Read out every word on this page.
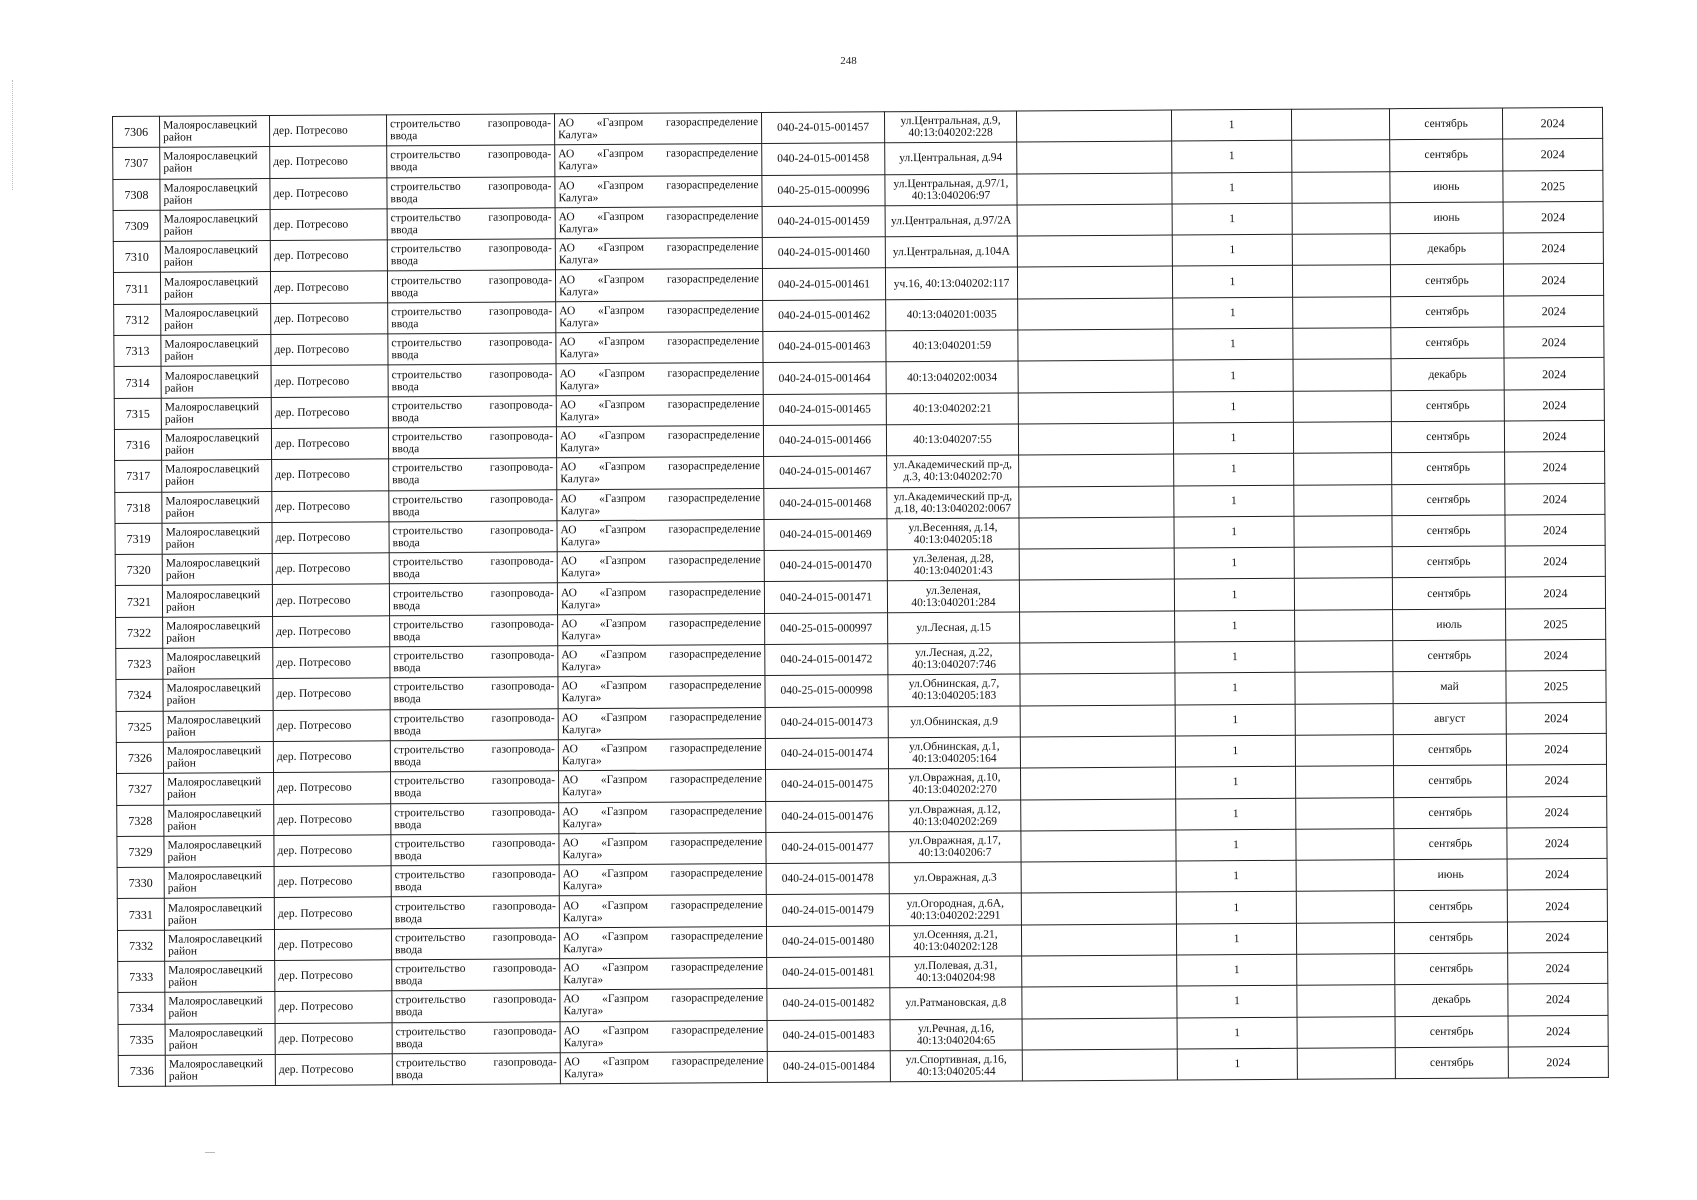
248
7306	Малоярославецкий район	дер. Потресово	строительство газопровода-ввода	АО «Газпром газораспределение Калуга»	040-24-015-001457	ул.Центральная, д.9, 40:13:040202:228		1		сентябрь	2024
7307	Малоярославецкий район	дер. Потресово	строительство газопровода-ввода	АО «Газпром газораспределение Калуга»	040-24-015-001458	ул.Центральная, д.94		1		сентябрь	2024
7308	Малоярославецкий район	дер. Потресово	строительство газопровода-ввода	АО «Газпром газораспределение Калуга»	040-25-015-000996	ул.Центральная, д.97/1, 40:13:040206:97		1		июнь	2025
7309	Малоярославецкий район	дер. Потресово	строительство газопровода-ввода	АО «Газпром газораспределение Калуга»	040-24-015-001459	ул.Центральная, д.97/2А		1		июнь	2024
7310	Малоярославецкий район	дер. Потресово	строительство газопровода-ввода	АО «Газпром газораспределение Калуга»	040-24-015-001460	ул.Центральная, д.104А		1		декабрь	2024
7311	Малоярославецкий район	дер. Потресово	строительство газопровода-ввода	АО «Газпром газораспределение Калуга»	040-24-015-001461	уч.16, 40:13:040202:117		1		сентябрь	2024
7312	Малоярославецкий район	дер. Потресово	строительство газопровода-ввода	АО «Газпром газораспределение Калуга»	040-24-015-001462	40:13:040201:0035		1		сентябрь	2024
7313	Малоярославецкий район	дер. Потресово	строительство газопровода-ввода	АО «Газпром газораспределение Калуга»	040-24-015-001463	40:13:040201:59		1		сентябрь	2024
7314	Малоярославецкий район	дер. Потресово	строительство газопровода-ввода	АО «Газпром газораспределение Калуга»	040-24-015-001464	40:13:040202:0034		1		декабрь	2024
7315	Малоярославецкий район	дер. Потресово	строительство газопровода-ввода	АО «Газпром газораспределение Калуга»	040-24-015-001465	40:13:040202:21		1		сентябрь	2024
7316	Малоярославецкий район	дер. Потресово	строительство газопровода-ввода	АО «Газпром газораспределение Калуга»	040-24-015-001466	40:13:040207:55		1		сентябрь	2024
7317	Малоярославецкий район	дер. Потресово	строительство газопровода-ввода	АО «Газпром газораспределение Калуга»	040-24-015-001467	ул.Академический пр-д, д.3, 40:13:040202:70		1		сентябрь	2024
7318	Малоярославецкий район	дер. Потресово	строительство газопровода-ввода	АО «Газпром газораспределение Калуга»	040-24-015-001468	ул.Академический пр-д, д.18, 40:13:040202:0067		1		сентябрь	2024
7319	Малоярославецкий район	дер. Потресово	строительство газопровода-ввода	АО «Газпром газораспределение Калуга»	040-24-015-001469	ул.Весенняя, д.14, 40:13:040205:18		1		сентябрь	2024
7320	Малоярославецкий район	дер. Потресово	строительство газопровода-ввода	АО «Газпром газораспределение Калуга»	040-24-015-001470	ул.Зеленая, д.28, 40:13:040201:43		1		сентябрь	2024
7321	Малоярославецкий район	дер. Потресово	строительство газопровода-ввода	АО «Газпром газораспределение Калуга»	040-24-015-001471	ул.Зеленая, 40:13:040201:284		1		сентябрь	2024
7322	Малоярославецкий район	дер. Потресово	строительство газопровода-ввода	АО «Газпром газораспределение Калуга»	040-25-015-000997	ул.Лесная, д.15		1		июль	2025
7323	Малоярославецкий район	дер. Потресово	строительство газопровода-ввода	АО «Газпром газораспределение Калуга»	040-24-015-001472	ул.Лесная, д.22, 40:13:040207:746		1		сентябрь	2024
7324	Малоярославецкий район	дер. Потресово	строительство газопровода-ввода	АО «Газпром газораспределение Калуга»	040-25-015-000998	ул.Обнинская, д.7, 40:13:040205:183		1		май	2025
7325	Малоярославецкий район	дер. Потресово	строительство газопровода-ввода	АО «Газпром газораспределение Калуга»	040-24-015-001473	ул.Обнинская, д.9		1		август	2024
7326	Малоярославецкий район	дер. Потресово	строительство газопровода-ввода	АО «Газпром газораспределение Калуга»	040-24-015-001474	ул.Обнинская, д.1, 40:13:040205:164		1		сентябрь	2024
7327	Малоярославецкий район	дер. Потресово	строительство газопровода-ввода	АО «Газпром газораспределение Калуга»	040-24-015-001475	ул.Овражная, д.10, 40:13:040202:270		1		сентябрь	2024
7328	Малоярославецкий район	дер. Потресово	строительство газопровода-ввода	АО «Газпром газораспределение Калуга»	040-24-015-001476	ул.Овражная, д.12, 40:13:040202:269		1		сентябрь	2024
7329	Малоярославецкий район	дер. Потресово	строительство газопровода-ввода	АО «Газпром газораспределение Калуга»	040-24-015-001477	ул.Овражная, д.17, 40:13:040206:7		1		сентябрь	2024
7330	Малоярославецкий район	дер. Потресово	строительство газопровода-ввода	АО «Газпром газораспределение Калуга»	040-24-015-001478	ул.Овражная, д.3		1		июнь	2024
7331	Малоярославецкий район	дер. Потресово	строительство газопровода-ввода	АО «Газпром газораспределение Калуга»	040-24-015-001479	ул.Огородная, д.6А, 40:13:040202:2291		1		сентябрь	2024
7332	Малоярославецкий район	дер. Потресово	строительство газопровода-ввода	АО «Газпром газораспределение Калуга»	040-24-015-001480	ул.Осенняя, д.21, 40:13:040202:128		1		сентябрь	2024
7333	Малоярославецкий район	дер. Потресово	строительство газопровода-ввода	АО «Газпром газораспределение Калуга»	040-24-015-001481	ул.Полевая, д.31, 40:13:040204:98		1		сентябрь	2024
7334	Малоярославецкий район	дер. Потресово	строительство газопровода-ввода	АО «Газпром газораспределение Калуга»	040-24-015-001482	ул.Ратмановская, д.8		1		декабрь	2024
7335	Малоярославецкий район	дер. Потресово	строительство газопровода-ввода	АО «Газпром газораспределение Калуга»	040-24-015-001483	ул.Речная, д.16, 40:13:040204:65		1		сентябрь	2024
7336	Малоярославецкий район	дер. Потресово	строительство газопровода-ввода	АО «Газпром газораспределение Калуга»	040-24-015-001484	ул.Спортивная, д.16, 40:13:040205:44		1		сентябрь	2024
